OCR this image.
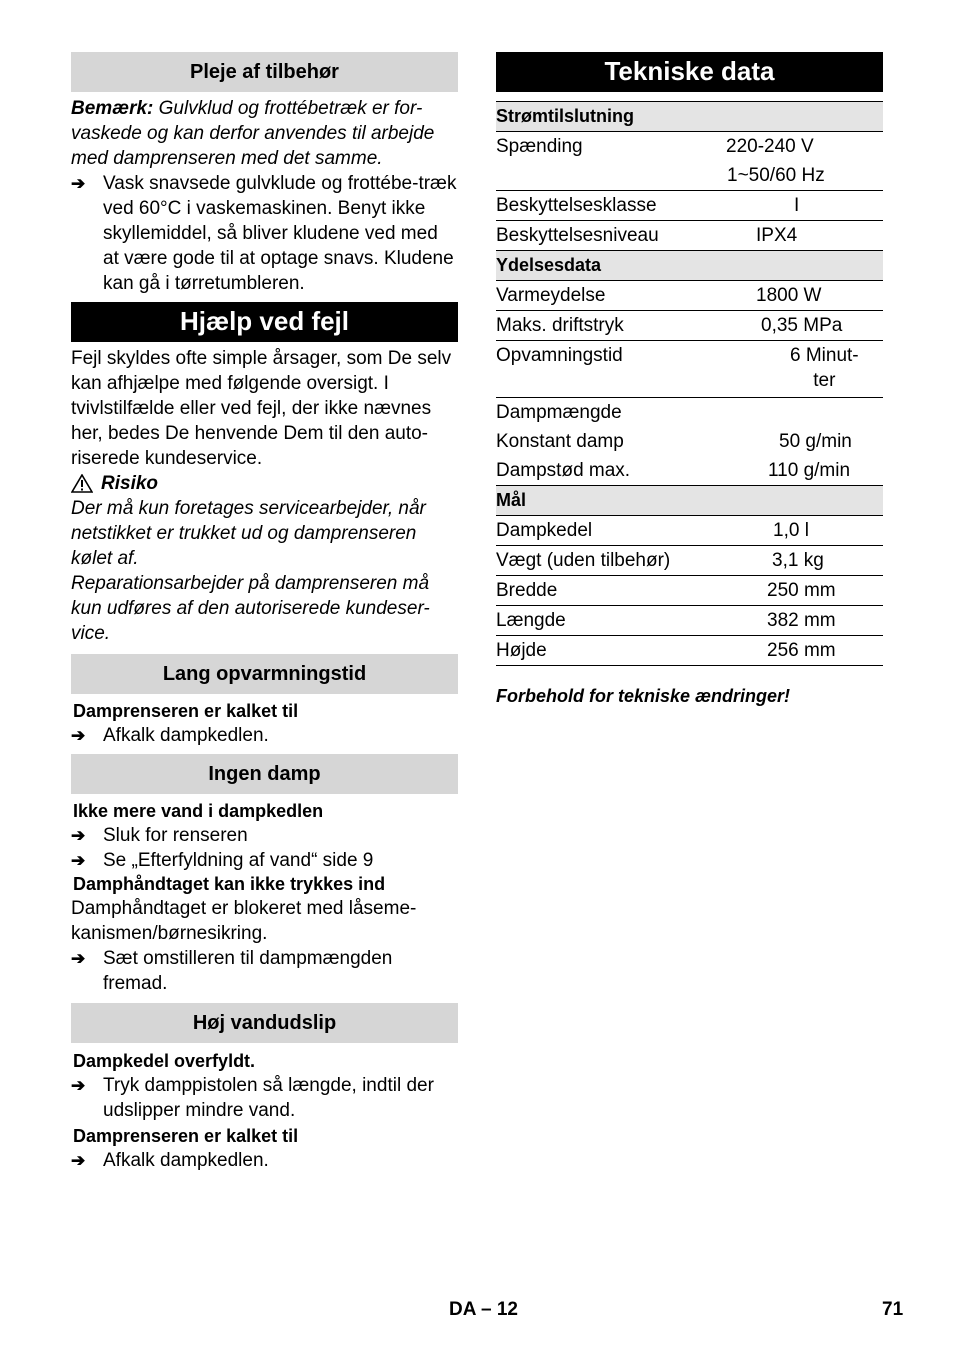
Pleje af tilbehør
Bemærk: Gulvklud og frottébetræk er for-vaskede og kan derfor anvendes til arbejde med damprenseren med det samme.
➔ Vask snavsede gulvklude og frottébe-træk ved 60°C i vaskemaskinen. Benyt ikke skyllemiddel, så bliver kludene ved med at være gode til at optage snavs. Kludene kan gå i tørretumbleren.
Hjælp ved fejl
Fejl skyldes ofte simple årsager, som De selv kan afhjælpe med følgende oversigt. I tvivlstilfælde eller ved fejl, der ikke nævnes her, bedes De henvende Dem til den auto-riserede kundeservice.
Risiko
Der må kun foretages servicearbejder, når netstikket er trukket ud og damprenseren kølet af.
Reparationsarbejder på damprenseren må kun udføres af den autoriserede kundeser-vice.
Lang opvarmningstid
Damprenseren er kalket til
➔ Afkalk dampkedlen.
Ingen damp
Ikke mere vand i dampkedlen
➔ Sluk for renseren
➔ Se „Efterfyldning af vand“ side 9
Damphåndtaget kan ikke trykkes ind
Damphåndtaget er blokeret med låseme-kanismen/børnesikring.
➔ Sæt omstilleren til dampmængden fremad.
Høj vandudslip
Dampkedel overfyldt.
➔ Tryk damppistolen så længde, indtil der udslipper mindre vand.
Damprenseren er kalket til
➔ Afkalk dampkedlen.
Tekniske data
Strømtilslutning	
Spænding	220-240 V
	1~50/60 Hz
Beskyttelsesklasse	I
Beskyttelsesniveau	IPX4
Ydelsesdata	
Varmeydelse	1800 W
Maks. driftstryk	0,35 MPa
Opvamningstid	6 Minut-
ter
Dampmængde	
Konstant damp	50 g/min
Dampstød max.	110 g/min
Mål	
Dampkedel	1,0 l
Vægt (uden tilbehør)	3,1 kg
Bredde	250 mm
Længde	382 mm
Højde	256 mm
Forbehold for tekniske ændringer!
DA – 12	71
